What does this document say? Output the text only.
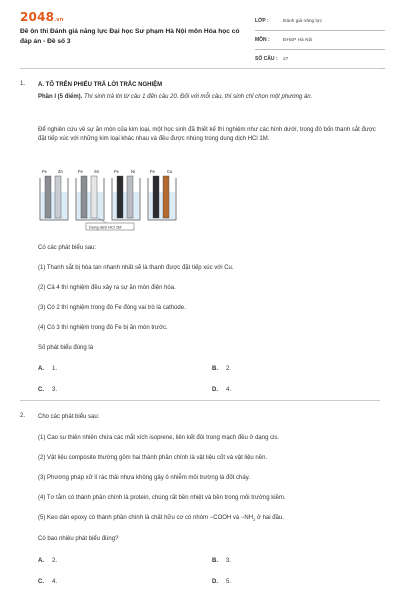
2048.vn
Đề ôn thi Đánh giá năng lực Đại học Sư phạm Hà Nội môn Hóa học có đáp án - Đề số 3
LỚP :	Đánh giá năng lực
MÔN :	ĐHSP Hà Nội
SỐ CÂU :	27
1. A. TÔ TRÊN PHIẾU TRẢ LỜI TRẮC NGHIỆM
Phần I (5 điểm). Thí sinh trả lời từ câu 1 đến câu 20. Đối với mỗi câu, thí sinh chỉ chọn một phương án.
Để nghiên cứu về sự ăn mòn của kim loại, một học sinh đã thiết kế thí nghiệm như các hình dưới, trong đó bốn thanh sắt được đặt tiếp xúc với những kim loại khác nhau và đều được nhúng trong dung dịch HCl 1M.
Fe	Zn	Fe	Sn	Fe	Ni	Fe	Cu
Dung dịch HCl 1M
Có các phát biểu sau:
(1) Thanh sắt bị hòa tan nhanh nhất sẽ là thanh được đặt tiếp xúc với Cu.
(2) Cả 4 thí nghiệm đều xảy ra sự ăn mòn điện hóa.
(3) Có 2 thí nghiệm trong đó Fe đóng vai trò là cathode.
(4) Có 3 thí nghiệm trong đó Fe bị ăn mòn trước.
Số phát biểu đúng là
A. 1.	B. 2.
C. 3.	D. 4.
2. Cho các phát biểu sau:
(1) Cao su thiên nhiên chứa các mắt xích isoprene, liên kết đôi trong mạch đều ở dạng cis.
(2) Vật liệu composite thường gồm hai thành phần chính là vật liệu cốt và vật liệu nền.
(3) Phương pháp xử lí rác thải nhựa không gây ô nhiễm môi trường là đốt cháy.
(4) Tơ tằm có thành phần chính là protein, chúng rất bền nhiệt và bền trong môi trường kiềm.
(5) Keo dán epoxy có thành phần chính là chất hữu cơ có nhóm −COOH và $-NH_2$ ở hai đầu.
Có bao nhiêu phát biểu đúng?
A. 2.	B. 3.
C. 4.	D. 5.
